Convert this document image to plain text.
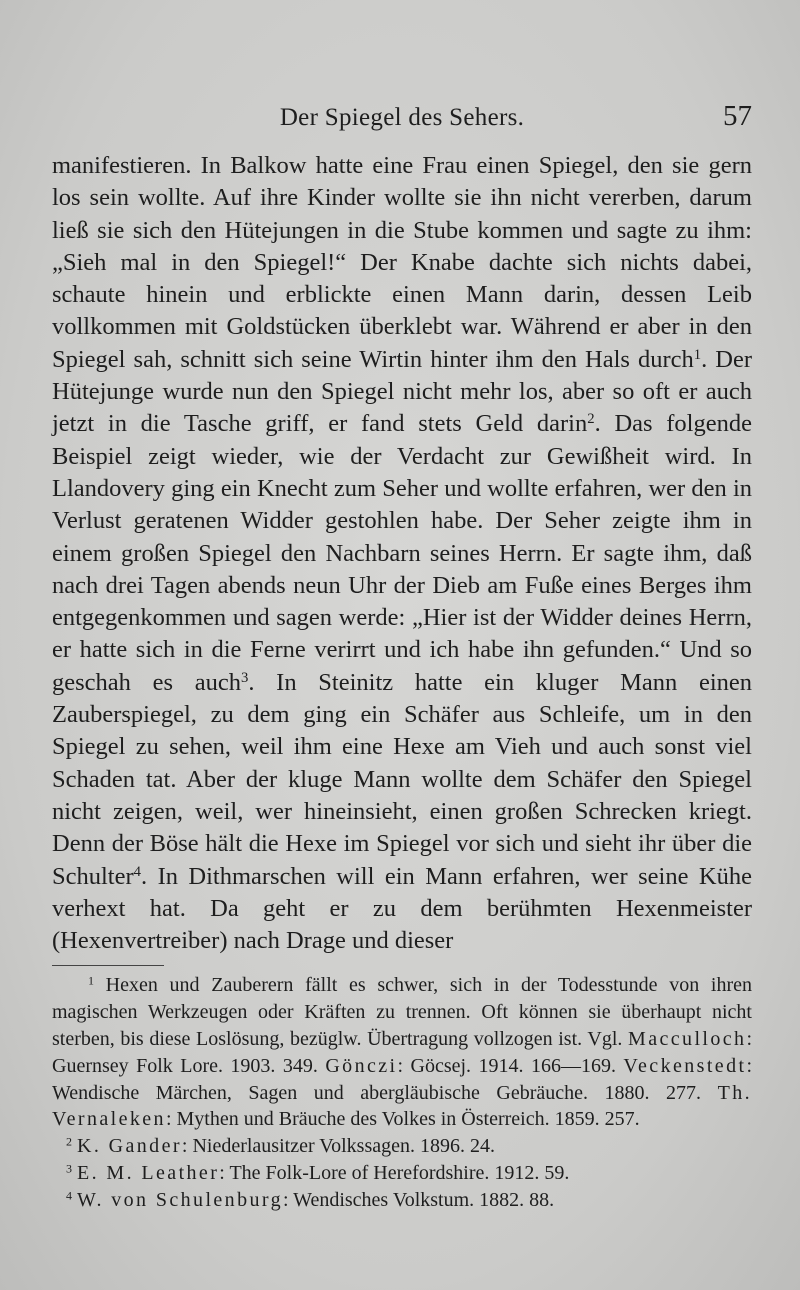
Der Spiegel des Sehers.	57
manifestieren. In Balkow hatte eine Frau einen Spiegel, den sie gern los sein wollte. Auf ihre Kinder wollte sie ihn nicht vererben, darum ließ sie sich den Hütejungen in die Stube kommen und sagte zu ihm: „Sieh mal in den Spiegel!“ Der Knabe dachte sich nichts dabei, schaute hinein und erblickte einen Mann darin, dessen Leib vollkommen mit Goldstücken überklebt war. Während er aber in den Spiegel sah, schnitt sich seine Wirtin hinter ihm den Hals durch$^1$. Der Hütejunge wurde nun den Spiegel nicht mehr los, aber so oft er auch jetzt in die Tasche griff, er fand stets Geld darin$^2$. Das folgende Beispiel zeigt wieder, wie der Verdacht zur Gewißheit wird. In Llandovery ging ein Knecht zum Seher und wollte erfahren, wer den in Verlust geratenen Widder gestohlen habe. Der Seher zeigte ihm in einem großen Spiegel den Nachbarn seines Herrn. Er sagte ihm, daß nach drei Tagen abends neun Uhr der Dieb am Fuße eines Berges ihm entgegenkommen und sagen werde: „Hier ist der Widder deines Herrn, er hatte sich in die Ferne verirrt und ich habe ihn gefunden.“ Und so geschah es auch$^3$. In Steinitz hatte ein kluger Mann einen Zauberspiegel, zu dem ging ein Schäfer aus Schleife, um in den Spiegel zu sehen, weil ihm eine Hexe am Vieh und auch sonst viel Schaden tat. Aber der kluge Mann wollte dem Schäfer den Spiegel nicht zeigen, weil, wer hineinsieht, einen großen Schrecken kriegt. Denn der Böse hält die Hexe im Spiegel vor sich und sieht ihr über die Schulter$^4$. In Dithmarschen will ein Mann erfahren, wer seine Kühe verhext hat. Da geht er zu dem berühmten Hexenmeister (Hexenvertreiber) nach Drage und dieser

$^1$ Hexen und Zauberern fällt es schwer, sich in der Todesstunde von ihren magischen Werkzeugen oder Kräften zu trennen. Oft können sie überhaupt nicht sterben, bis diese Loslösung, bezüglw. Übertragung vollzogen ist. Vgl. Macculloch: Guernsey Folk Lore. 1903. 349. Gönczi: Göcsej. 1914. 166—169. Veckenstedt: Wendische Märchen, Sagen und abergläubische Gebräuche. 1880. 277. Th. Vernaleken: Mythen und Bräuche des Volkes in Österreich. 1859. 257.

$^2$ K. Gander: Niederlausitzer Volkssagen. 1896. 24.

$^3$ E. M. Leather: The Folk-Lore of Herefordshire. 1912. 59.

$^4$ W. von Schulenburg: Wendisches Volkstum. 1882. 88.
